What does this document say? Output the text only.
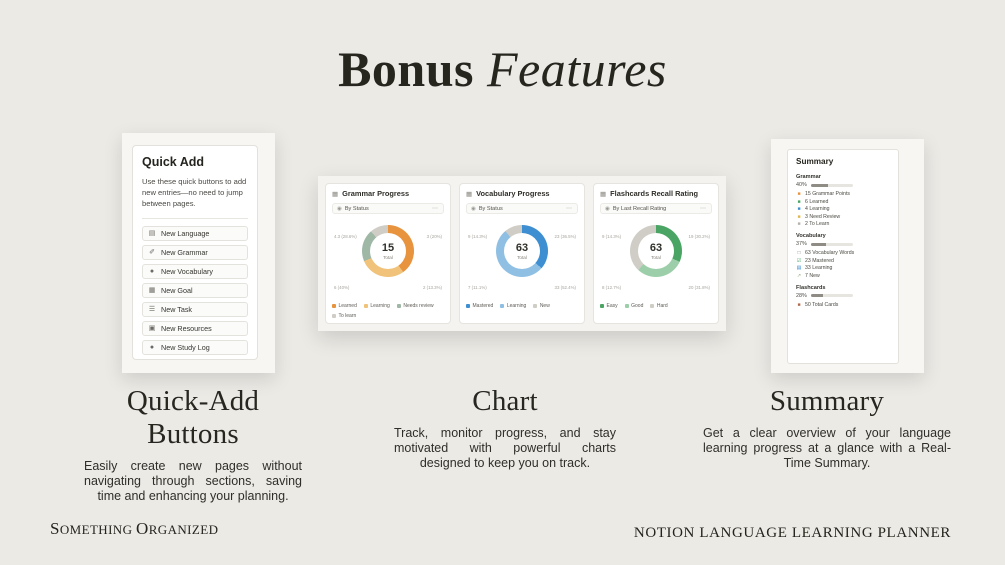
Bonus Features
Quick Add
Use these quick buttons to add new entries—no need to jump between pages.
▤ New Language
✐ New Grammar
● New Vocabulary
▦ New Goal
☰ New Task
▣ New Resources
● New Study Log
▦ Grammar Progress
◉ By Status	⋯
4.3 (28.6%)	3 (20%)
2 (13.3%)
6 (40%)
15
Total
Learned	Learning	Needs review
To learn
▦ Vocabulary Progress
◉ By Status	⋯
9 (14.3%)	23 (36.5%)
33 (52.4%)
7 (11.1%)
63
Total
Mastered	Learning	New
▦ Flashcards Recall Rating
◉ By Last Recall Rating	⋯
9 (14.3%)	19 (30.2%)
20 (31.8%)
8 (12.7%)
63
Total
Easy	Good	Hard
Summary
Grammar
40%
■ 15 Grammar Points
■ 6 Learned
■ 4 Learning
■ 3 Need Review
■ 2 To Learn
Vocabulary
37%
□ 63 Vocabulary Words
☑ 23 Mastered
▤ 33 Learning
↗ 7 New
Flashcards
28%
■ 50 Total Cards
Quick-Add Buttons

Easily create new pages without navigating through sections, saving time and enhancing your planning.

Chart

Track, monitor progress, and stay motivated with powerful charts designed to keep you on track.

Summary

Get a clear overview of your language learning progress at a glance with a Real-Time Summary.

SOMETHING ORGANIZED	NOTION LANGUAGE LEARNING PLANNER
